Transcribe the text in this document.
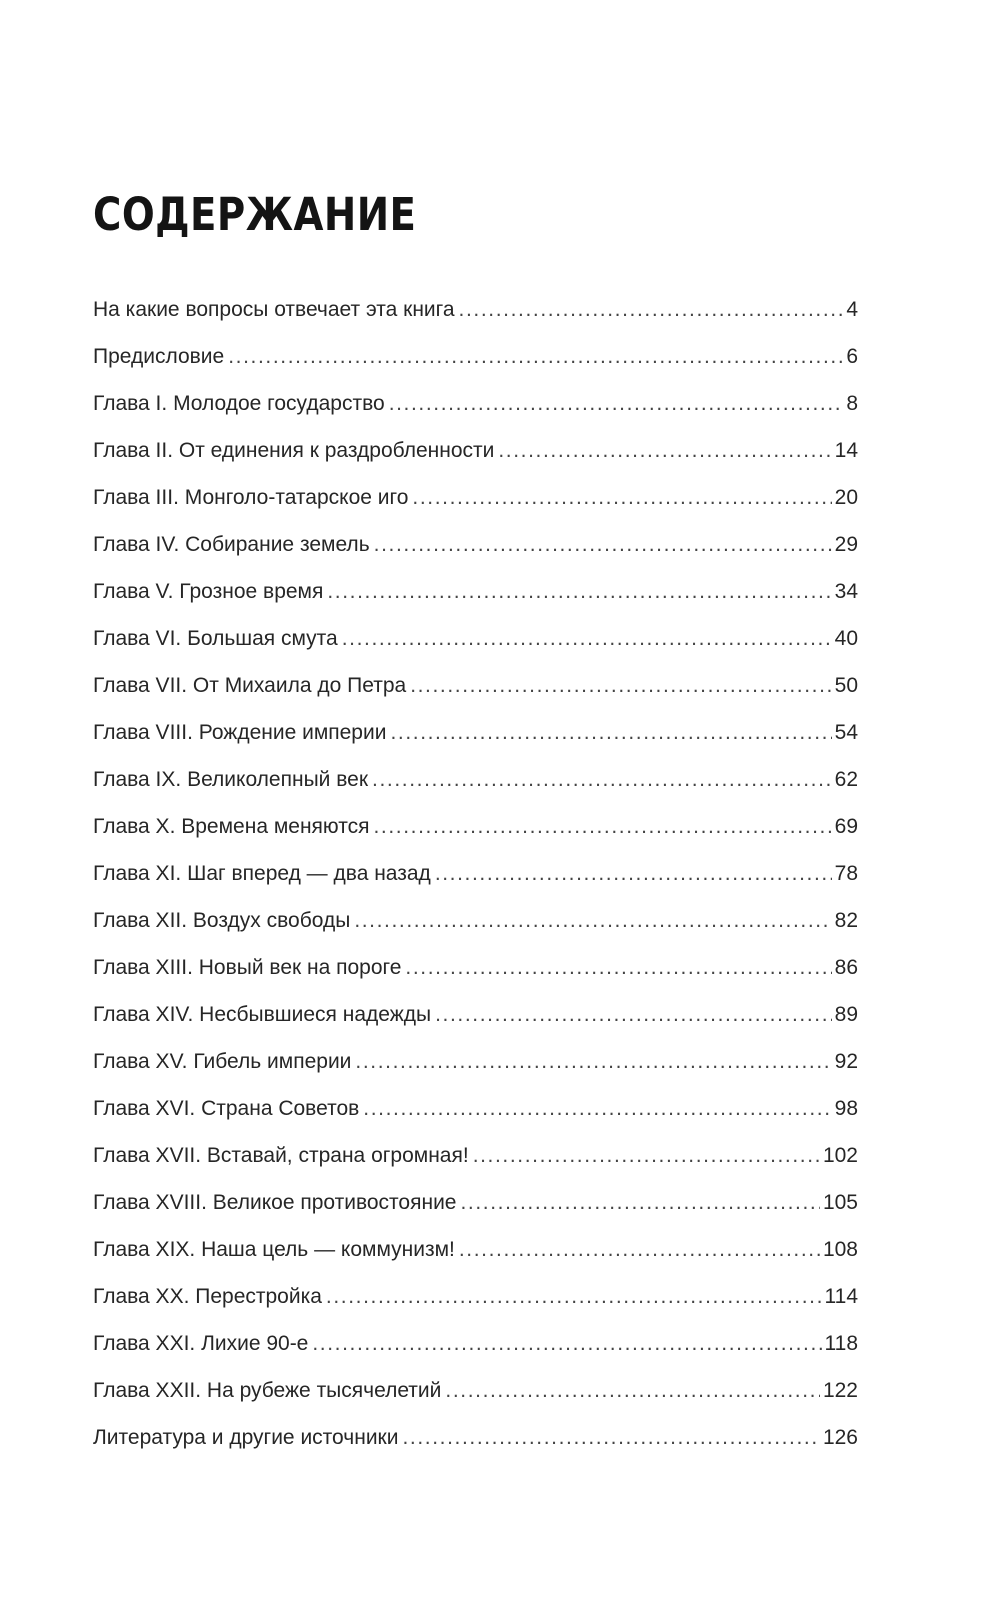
СОДЕРЖАНИЕ
На какие вопросы отвечает эта книга .....	4
Предисловие .....	6
Глава I. Молодое государство .....	8
Глава II. От единения к раздробленности .....	14
Глава III. Монголо-татарское иго .....	20
Глава IV. Собирание земель .....	29
Глава V. Грозное время .....	34
Глава VI. Большая смута .....	40
Глава VII. От Михаила до Петра .....	50
Глава VIII. Рождение империи .....	54
Глава IX. Великолепный век .....	62
Глава X. Времена меняются .....	69
Глава XI. Шаг вперед — два назад .....	78
Глава XII. Воздух свободы .....	82
Глава XIII. Новый век на пороге .....	86
Глава XIV. Несбывшиеся надежды .....	89
Глава XV. Гибель империи .....	92
Глава XVI. Страна Советов .....	98
Глава XVII. Вставай, страна огромная! .....	102
Глава XVIII. Великое противостояние .....	105
Глава XIX. Наша цель — коммунизм! .....	108
Глава XX. Перестройка .....	114
Глава XXI. Лихие 90-е .....	118
Глава XXII. На рубеже тысячелетий .....	122
Литература и другие источники .....	126
